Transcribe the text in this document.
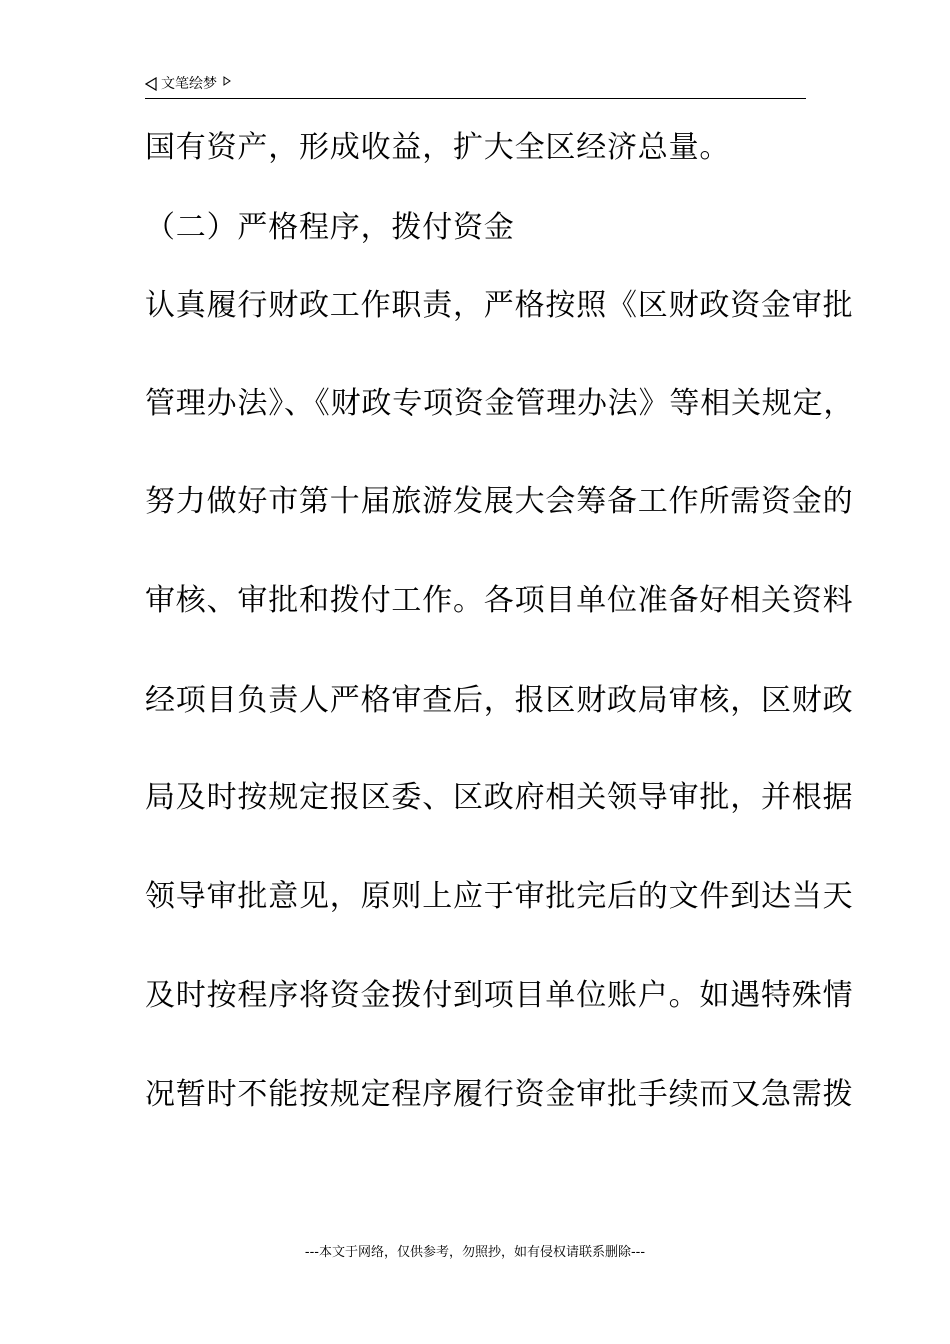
文笔绘梦
国有资产，形成收益，扩大全区经济总量。
（二）严格程序，拨付资金
认真履行财政工作职责，严格按照《区财政资金审批
管理办法》、《财政专项资金管理办法》等相关规定，
努力做好市第十届旅游发展大会筹备工作所需资金的
审核、审批和拨付工作。各项目单位准备好相关资料
经项目负责人严格审查后，报区财政局审核，区财政
局及时按规定报区委、区政府相关领导审批，并根据
领导审批意见，原则上应于审批完后的文件到达当天
及时按程序将资金拨付到项目单位账户。如遇特殊情
况暂时不能按规定程序履行资金审批手续而又急需拨
---本文于网络，仅供参考，勿照抄，如有侵权请联系删除---
